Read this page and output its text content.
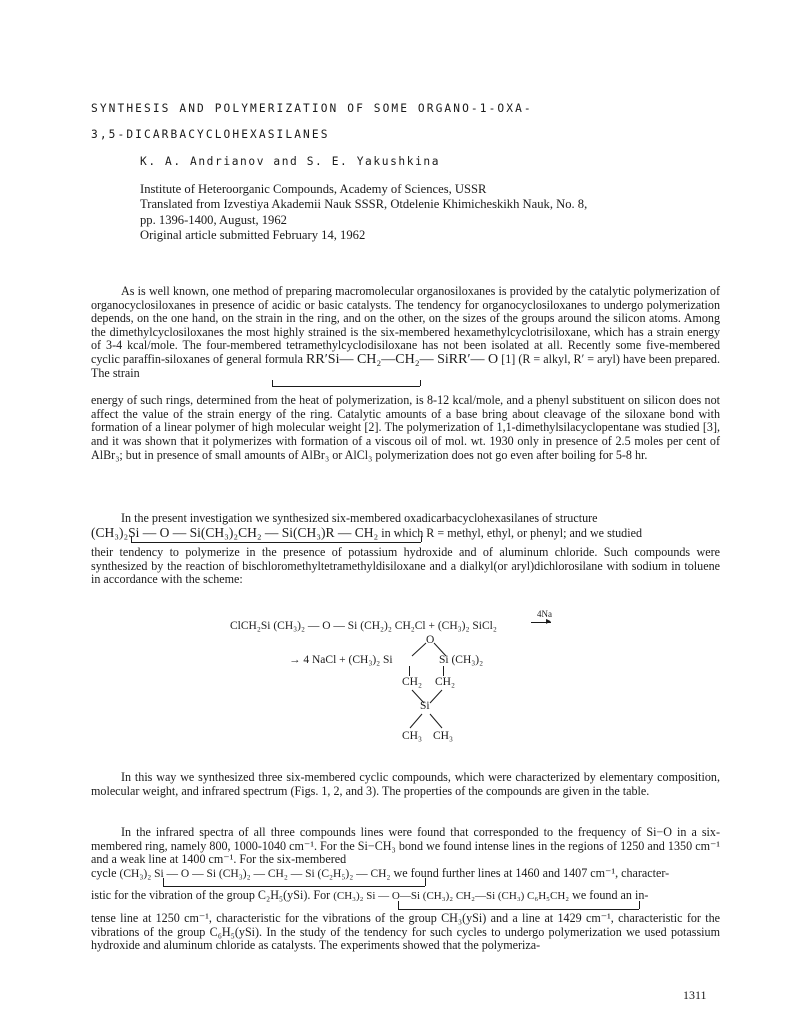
SYNTHESIS AND POLYMERIZATION OF SOME ORGANO-1-OXA-
3,5-DICARBACYCLOHEXASILANES
K. A. Andrianov and S. E. Yakushkina
Institute of Heteroorganic Compounds, Academy of Sciences, USSR
Translated from Izvestiya Akademii Nauk SSSR, Otdelenie Khimicheskikh Nauk, No. 8,
pp. 1396-1400, August, 1962
Original article submitted February 14, 1962

As is well known, one method of preparing macromolecular organosiloxanes is provided by the catalytic polymerization of organocyclosiloxanes in presence of acidic or basic catalysts. The tendency for organocyclosiloxanes to undergo polymerization depends, on the one hand, on the strain in the ring, and on the other, on the sizes of the groups around the silicon atoms. Among the dimethylcyclosiloxanes the most highly strained is the six-membered hexamethylcyclotrisiloxane, which has a strain energy of 3-4 kcal/mole. The four-membered tetramethylcyclodisiloxane has not been isolated at all. Recently some five-membered cyclic paraffin-siloxanes of general formula RR′Si— CH₂—CH₂— SiRR′— O [1] (R = alkyl, R′ = aryl) have been prepared. The strain

energy of such rings, determined from the heat of polymerization, is 8-12 kcal/mole, and a phenyl substituent on silicon does not affect the value of the strain energy of the ring. Catalytic amounts of a base bring about cleavage of the siloxane bond with formation of a linear polymer of high molecular weight [2]. The polymerization of 1,1-dimethylsilacyclopentane was studied [3], and it was shown that it polymerizes with formation of a viscous oil of mol. wt. 1930 only in presence of 2.5 moles per cent of AlBr₃; but in presence of small amounts of AlBr₃ or AlCl₃ polymerization does not go even after boiling for 5-8 hr.

In the present investigation we synthesized six-membered oxadicarbacyclohexasilanes of structure

(CH₃)₂Si — O — Si(CH₃)₂CH₂ — Si(CH₃)R — CH₂ in which R = methyl, ethyl, or phenyl; and we studied

their tendency to polymerize in the presence of potassium hydroxide and of aluminum chloride. Such compounds were synthesized by the reaction of bischloromethyltetramethyldisiloxane and a dialkyl(or aryl)dichlorosilane with sodium in toluene in accordance with the scheme:

ClCH₂Si (CH₃)₂ — O — Si (CH₂)₂ CH₂Cl + (CH₃)₂ SiCl₂
4Na
▸
O
→ 4 NaCl + (CH₃)₂ Si	Si (CH₃)₂
CH₂ CH₂
Si
CH₃ CH₃

In this way we synthesized three six-membered cyclic compounds, which were characterized by elementary composition, molecular weight, and infrared spectrum (Figs. 1, 2, and 3). The properties of the compounds are given in the table.

In the infrared spectra of all three compounds lines were found that corresponded to the frequency of Si−O in a six-membered ring, namely 800, 1000-1040 cm⁻¹. For the Si−CH₃ bond we found intense lines in the regions of 1250 and 1350 cm⁻¹ and a weak line at 1400 cm⁻¹. For the six-membered

cycle (CH₃)₂ Si — O — Si (CH₃)₂ — CH₂ — Si (C₂H₅)₂ — CH₂ we found further lines at 1460 and 1407 cm⁻¹, character-

istic for the vibration of the group C₂H₅(ySi). For (CH₃)₂ Si — O—Si (CH₃)₂ CH₂—Si (CH₃) C₆H₅CH₂ we found an in-

tense line at 1250 cm⁻¹, characteristic for the vibrations of the group CH₃(ySi) and a line at 1429 cm⁻¹, characteristic for the vibrations of the group C₆H₅(ySi). In the study of the tendency for such cycles to undergo polymerization we used potassium hydroxide and aluminum chloride as catalysts. The experiments showed that the polymeriza-

1311
